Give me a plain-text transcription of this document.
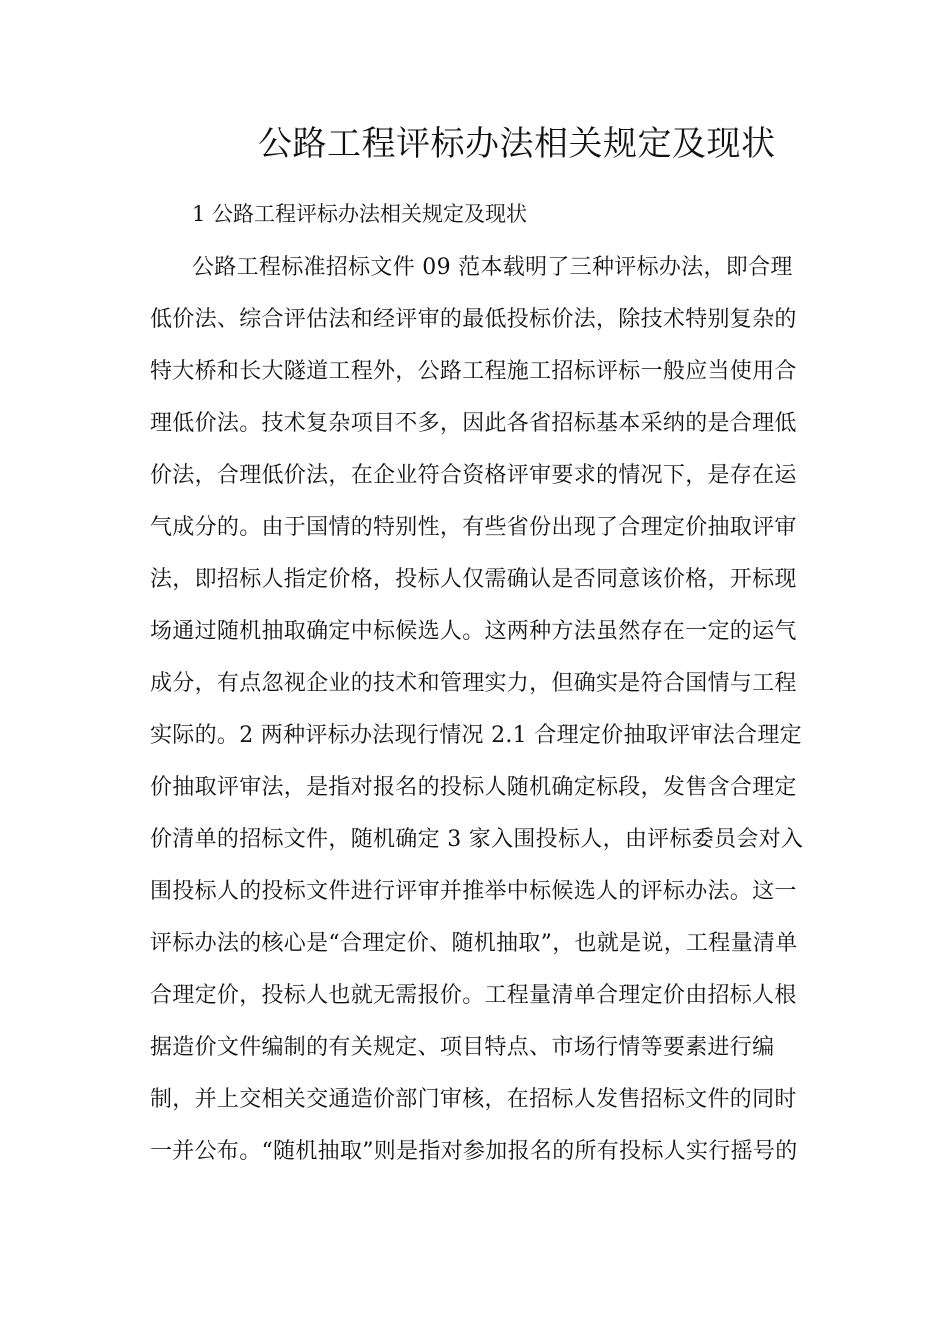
公路工程评标办法相关规定及现状
1 公路工程评标办法相关规定及现状
公路工程标准招标文件 09 范本载明了三种评标办法，即合理
低价法、综合评估法和经评审的最低投标价法，除技术特别复杂的
特大桥和长大隧道工程外，公路工程施工招标评标一般应当使用合
理低价法。技术复杂项目不多，因此各省招标基本采纳的是合理低
价法，合理低价法，在企业符合资格评审要求的情况下，是存在运
气成分的。由于国情的特别性，有些省份出现了合理定价抽取评审
法，即招标人指定价格，投标人仅需确认是否同意该价格，开标现
场通过随机抽取确定中标候选人。这两种方法虽然存在一定的运气
成分，有点忽视企业的技术和管理实力，但确实是符合国情与工程
实际的。2 两种评标办法现行情况 2.1 合理定价抽取评审法合理定
价抽取评审法，是指对报名的投标人随机确定标段，发售含合理定
价清单的招标文件，随机确定 3 家入围投标人，由评标委员会对入
围投标人的投标文件进行评审并推举中标候选人的评标办法。这一
评标办法的核心是“合理定价、随机抽取”，也就是说，工程量清单
合理定价，投标人也就无需报价。工程量清单合理定价由招标人根
据造价文件编制的有关规定、项目特点、市场行情等要素进行编
制，并上交相关交通造价部门审核，在招标人发售招标文件的同时
一并公布。“随机抽取”则是指对参加报名的所有投标人实行摇号的
